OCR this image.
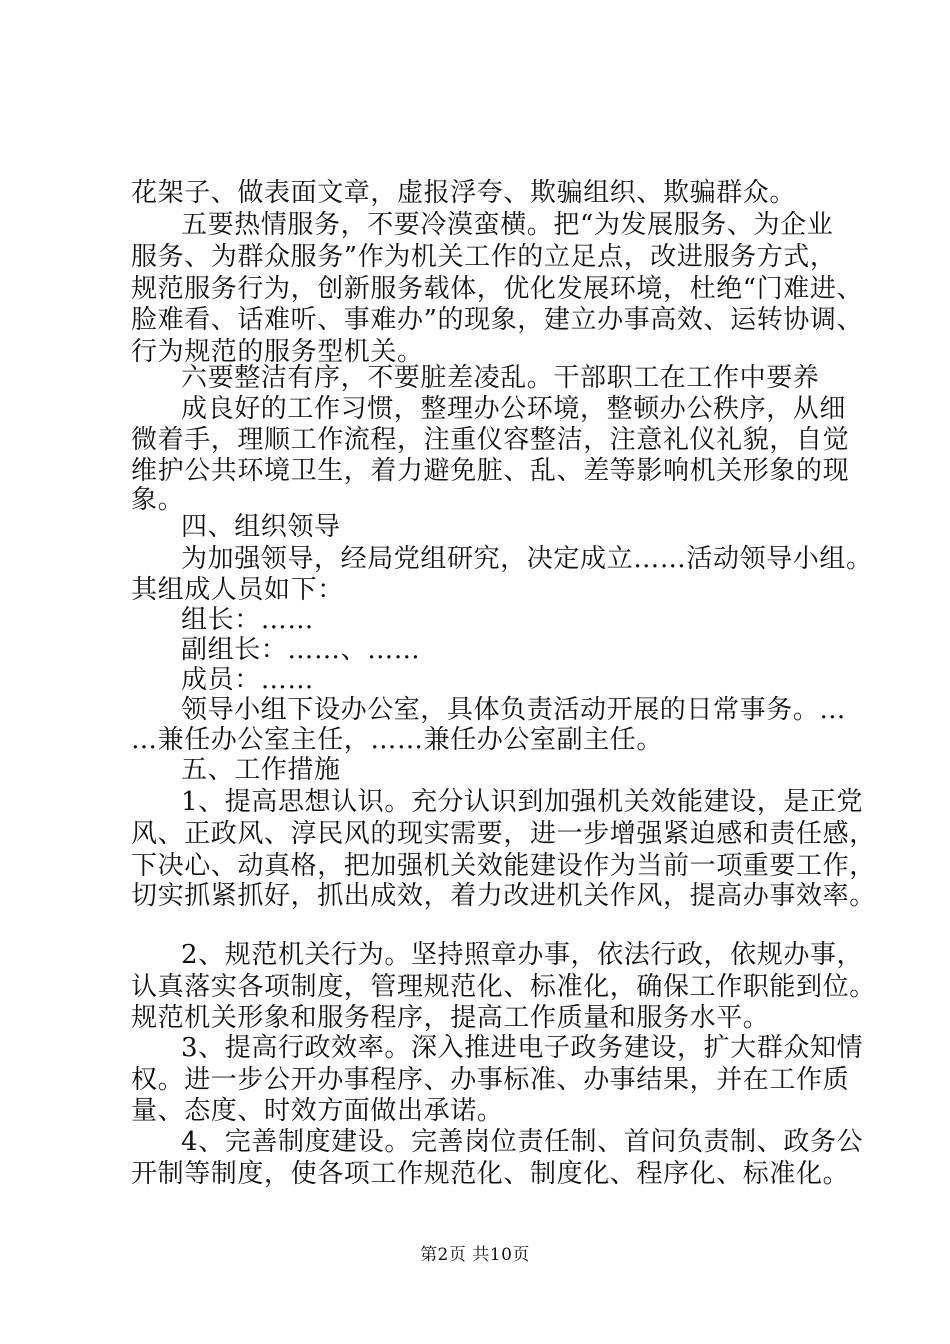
花架子、做表面文章，虚报浮夸、欺骗组织、欺骗群众。
五要热情服务，不要冷漠蛮横。把“为发展服务、为企业
服务、为群众服务”作为机关工作的立足点，改进服务方式，
规范服务行为，创新服务载体，优化发展环境，杜绝“门难进、
脸难看、话难听、事难办”的现象，建立办事高效、运转协调、
行为规范的服务型机关。
六要整洁有序，不要脏差凌乱。干部职工在工作中要养
成良好的工作习惯，整理办公环境，整顿办公秩序，从细
微着手，理顺工作流程，注重仪容整洁，注意礼仪礼貌，自觉
维护公共环境卫生，着力避免脏、乱、差等影响机关形象的现
象。
四、组织领导
为加强领导，经局党组研究，决定成立……活动领导小组。
其组成人员如下：
组长：……
副组长：……、……
成员：……
领导小组下设办公室，具体负责活动开展的日常事务。…
…兼任办公室主任，……兼任办公室副主任。
五、工作措施
1、提高思想认识。充分认识到加强机关效能建设，是正党
风、正政风、淳民风的现实需要，进一步增强紧迫感和责任感，
下决心、动真格，把加强机关效能建设作为当前一项重要工作，
切实抓紧抓好，抓出成效，着力改进机关作风，提高办事效率。
2、规范机关行为。坚持照章办事，依法行政，依规办事，
认真落实各项制度，管理规范化、标准化，确保工作职能到位。
规范机关形象和服务程序，提高工作质量和服务水平。
3、提高行政效率。深入推进电子政务建设，扩大群众知情
权。进一步公开办事程序、办事标准、办事结果，并在工作质
量、态度、时效方面做出承诺。
4、完善制度建设。完善岗位责任制、首问负责制、政务公
开制等制度，使各项工作规范化、制度化、程序化、标准化。
第2页 共10页
